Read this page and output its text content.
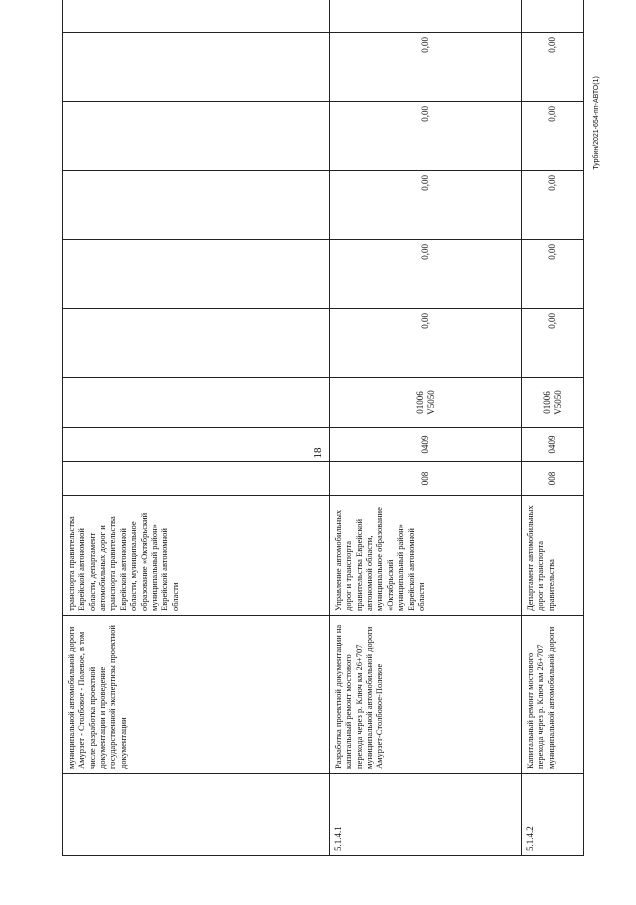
18
Турбин/2021-654-пп-АВТО(1)
	муниципальной автомобильной дороги Амурзет - Столбовое - Полевое, в том числе разработка проектной документации и проведение государственной экспертизы проектной документации	транспорта правительства Еврейской автономной области, департамент автомобильных дорог и транспорта правительства Еврейской автономной области, муниципальное образование «Октябрьский муниципальный район» Еврейской автономной области									
5.1.4.1	Разработка проектной документации на капитальный ремонт мостового перехода через р. Ключ км 26+707 муниципальной автомобильной дороги Амурзет-Столбовое-Полевое	Управление автомобильных дорог и транспорта правительства Еврейской автономной области, муниципальное образование «Октябрьский муниципальный район» Еврейской автономной области	008	0409	01006 V5050	0,00	0,00	0,00	0,00	0,00	
5.1.4.2	Капитальный ремонт мостового перехода через р. Ключ км 26+707 муниципальной автомобильной дороги	Департамент автомобильных дорог и транспорта правительства	008	0409	01006 V5050	0,00	0,00	0,00	0,00	0,00	
